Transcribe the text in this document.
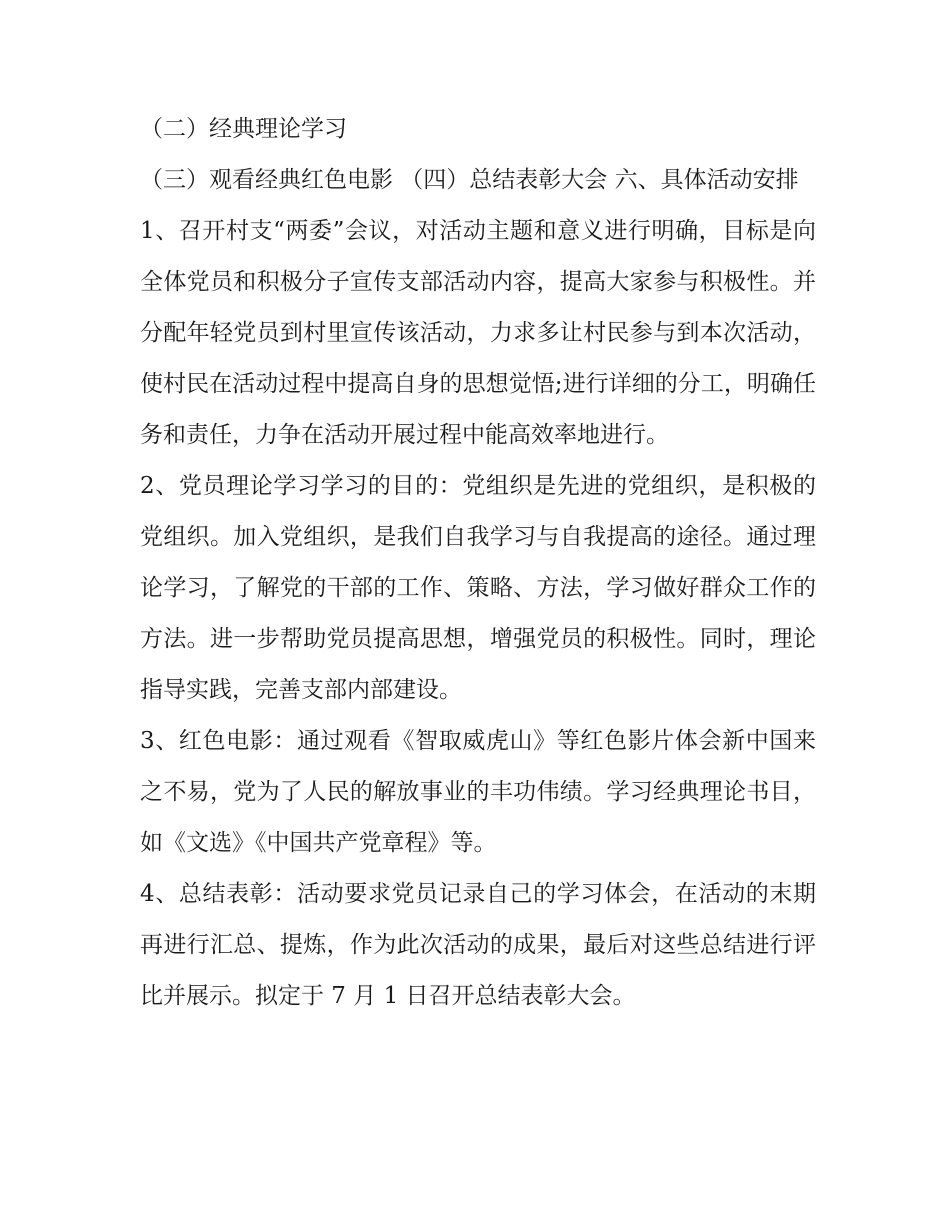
（二）经典理论学习

（三）观看经典红色电影 （四）总结表彰大会 六、具体活动安排

1、召开村支“两委”会议，对活动主题和意义进行明确，目标是向全体党员和积极分子宣传支部活动内容，提高大家参与积极性。并分配年轻党员到村里宣传该活动，力求多让村民参与到本次活动，使村民在活动过程中提高自身的思想觉悟;进行详细的分工，明确任务和责任，力争在活动开展过程中能高效率地进行。

2、党员理论学习学习的目的：党组织是先进的党组织，是积极的党组织。加入党组织，是我们自我学习与自我提高的途径。通过理论学习，了解党的干部的工作、策略、方法，学习做好群众工作的方法。进一步帮助党员提高思想，增强党员的积极性。同时，理论指导实践，完善支部内部建设。

3、红色电影：通过观看《智取威虎山》等红色影片体会新中国来之不易，党为了人民的解放事业的丰功伟绩。学习经典理论书目，如《文选》《中国共产党章程》等。

4、总结表彰：活动要求党员记录自己的学习体会，在活动的末期再进行汇总、提炼，作为此次活动的成果，最后对这些总结进行评比并展示。拟定于 7 月 1 日召开总结表彰大会。
